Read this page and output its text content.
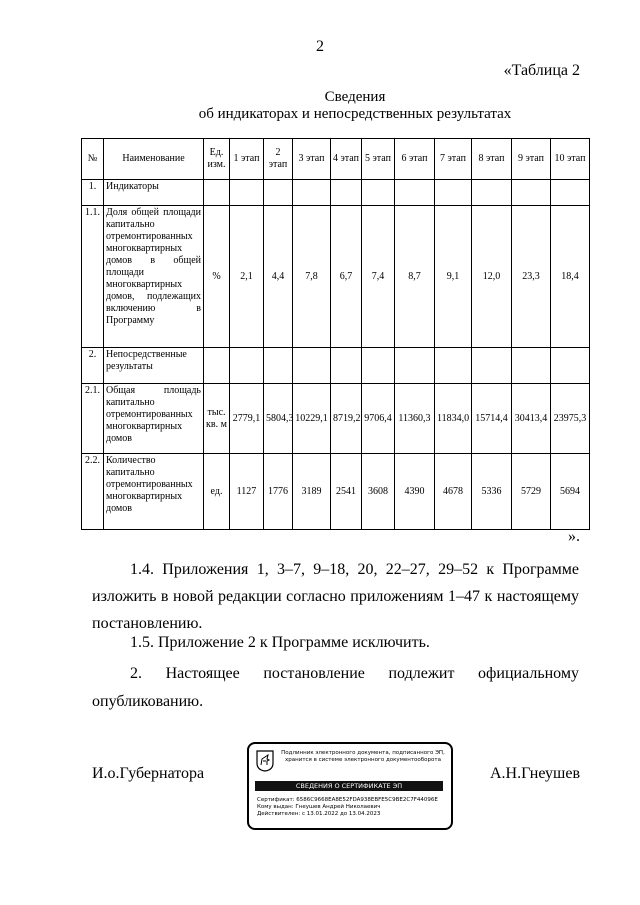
2
«Таблица 2
Сведения
об индикаторах и непосредственных результатах
№	Наименование	Ед. изм.	1 этап	2 этап	3 этап	4 этап	5 этап	6 этап	7 этап	8 этап	9 этап	10 этап
1.	Индикаторы											
1.1.	Доля общей площади капитально отремонтированных многоквартирных домов в общей площади многоквартирных домов, подлежащих включению в Программу	%	2,1	4,4	7,8	6,7	7,4	8,7	9,1	12,0	23,3	18,4
2.	Непосредственные результаты											
2.1.	Общая площадь капитально отремонтированных многоквартирных домов	тыс. кв. м	2779,1	5804,3	10229,1	8719,2	9706,4	11360,3	11834,0	15714,4	30413,4	23975,3
2.2.	Количество капитально отремонтированных многоквартирных домов	ед.	1127	1776	3189	2541	3608	4390	4678	5336	5729	5694
».
1.4. Приложения 1, 3–7, 9–18, 20, 22–27, 29–52 к Программе изложить в новой редакции согласно приложениям 1–47 к настоящему постановлению.
1.5. Приложение 2 к Программе исключить.
2. Настоящее постановление подлежит официальному
опубликованию.
И.о.Губернатора	А.Н.Гнеушев
Подлинник электронного документа, подписанного ЭП, хранится в системе электронного документооборота
СВЕДЕНИЯ О СЕРТИФИКАТЕ ЭП
Сертификат: 6586C9668EA8E52FDA938EBFE5C9BE2C7F44096E
Кому выдан: Гнеушев Андрей Николаевич
Действителен: с 13.01.2022 до 13.04.2023
